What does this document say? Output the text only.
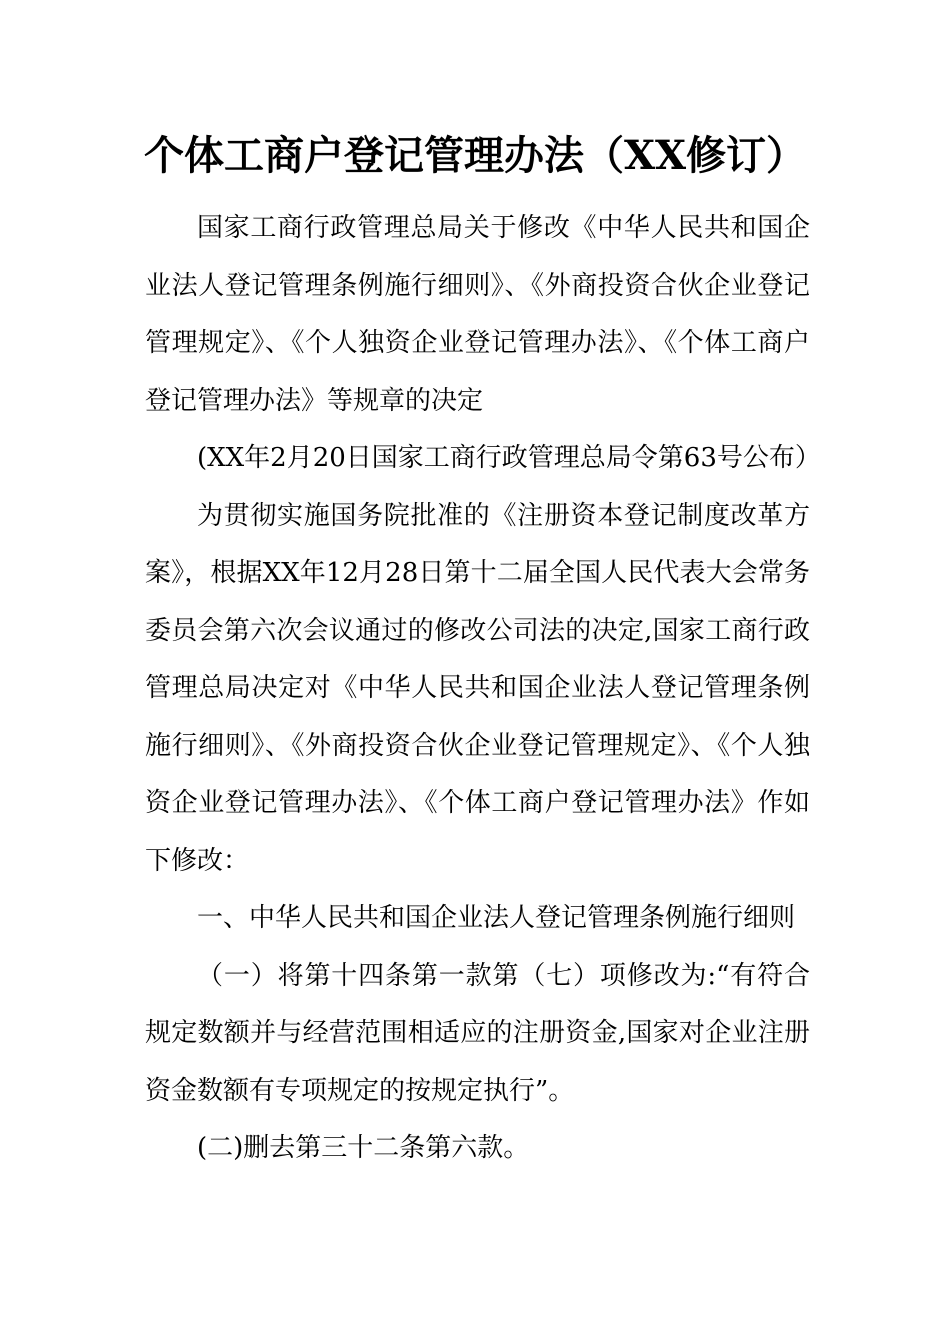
个体工商户登记管理办法（XX修订）

国家工商行政管理总局关于修改《中华人民共和国企业法人登记管理条例施行细则》、《外商投资合伙企业登记管理规定》、《个人独资企业登记管理办法》、《个体工商户登记管理办法》等规章的决定

(XX年2月20日国家工商行政管理总局令第63号公布）

为贯彻实施国务院批准的《注册资本登记制度改革方案》，根据XX年12月28日第十二届全国人民代表大会常务委员会第六次会议通过的修改公司法的决定,国家工商行政管理总局决定对《中华人民共和国企业法人登记管理条例施行细则》、《外商投资合伙企业登记管理规定》、《个人独资企业登记管理办法》、《个体工商户登记管理办法》作如下修改：

一、中华人民共和国企业法人登记管理条例施行细则

（一）将第十四条第一款第（七）项修改为:“有符合规定数额并与经营范围相适应的注册资金,国家对企业注册资金数额有专项规定的按规定执行”。

(二)删去第三十二条第六款。
